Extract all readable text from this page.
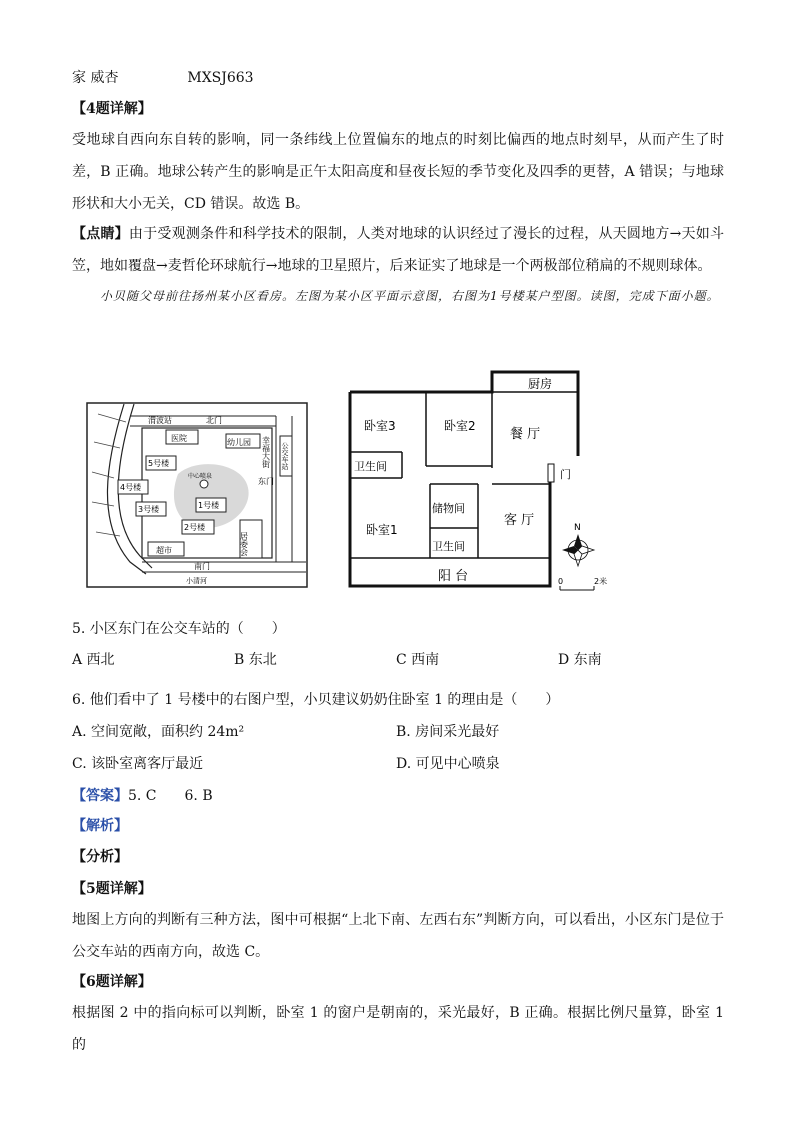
家 威杏	MXSJ663
【4题详解】
受地球自西向东自转的影响，同一条纬线上位置偏东的地点的时刻比偏西的地点时刻早，从而产生了时差，B 正确。地球公转产生的影响是正午太阳高度和昼夜长短的季节变化及四季的更替，A 错误；与地球形状和大小无关，CD 错误。故选 B。
【点睛】由于受观测条件和科学技术的限制，人类对地球的认识经过了漫长的过程，从天圆地方→天如斗笠，地如覆盘→麦哲伦环球航行→地球的卫星照片，后来证实了地球是一个两极部位稍扁的不规则球体。
小贝随父母前往扬州某小区看房。左图为某小区平面示意图，右图为1号楼某户型图。读图，完成下面小题。
渭波站	北门
南门
小清河
医院	幼儿园
中心喷泉
5号楼
4号楼
3号楼	1号楼
2号楼
居委会
超市
东门
幸福大街 公交车站
厨房
卧室3	卧室2
餐 厅
卫生间
门
储物间
卧室1
客 厅
卫生间
阳 台
N
0	2米
5. 小区东门在公交车站的（　　）
A 西北	B 东北	C 西南	D 东南
6. 他们看中了 1 号楼中的右图户型，小贝建议奶奶住卧室 1 的理由是（　　）
A. 空间宽敞，面积约 24m²	B. 房间采光最好
C. 该卧室离客厅最近	D. 可见中心喷泉
【答案】5. C　　6. B
【解析】
【分析】
【5题详解】
地图上方向的判断有三种方法，图中可根据“上北下南、左西右东”判断方向，可以看出，小区东门是位于公交车站的西南方向，故选 C。
【6题详解】
根据图 2 中的指向标可以判断，卧室 1 的窗户是朝南的，采光最好，B 正确。根据比例尺量算，卧室 1 的
